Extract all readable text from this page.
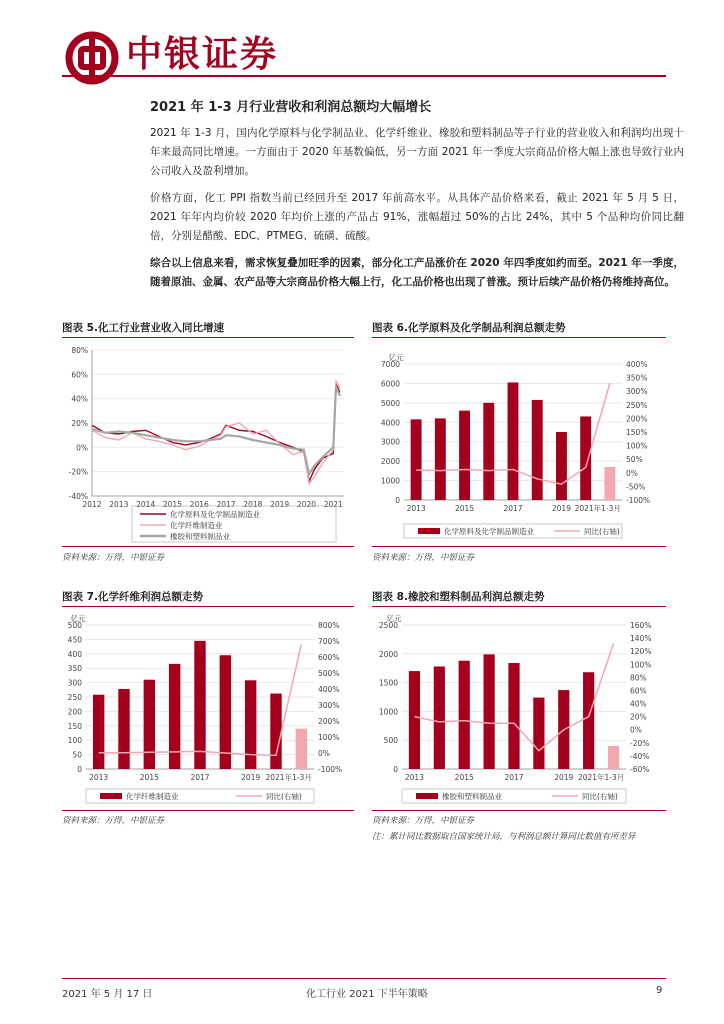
中银证券
2021 年 1-3 月行业营收和利润总额均大幅增长
2021 年 1-3 月，国内化学原料与化学制品业、化学纤维业、橡胶和塑料制品等子行业的营业收入和利润均出现十年来最高同比增速。一方面由于 2020 年基数偏低，另一方面 2021 年一季度大宗商品价格大幅上涨也导致行业内公司收入及盈利增加。
价格方面，化工 PPI 指数当前已经回升至 2017 年前高水平。从具体产品价格来看，截止 2021 年 5 月 5 日，2021 年年内均价较 2020 年均价上涨的产品占 91%，涨幅超过 50%的占比 24%，其中 5 个品种均价同比翻倍，分别是醋酸、EDC、PTMEG、硫磺、硫酸。
综合以上信息来看，需求恢复叠加旺季的因素，部分化工产品涨价在 2020 年四季度如约而至。2021 年一季度，随着原油、金属、农产品等大宗商品价格大幅上行，化工品价格也出现了普涨。预计后续产品价格仍将维持高位。
图表 5.化工行业营业收入同比增速
80%
60%
40%
20%
0%
-20%
-40%
2012 2013 2014 2015 2016 2017 2018 2019 2020 2021
化学原料及化学制品制造业
化学纤维制造业
橡胶和塑料制品业
资料来源：万得，中银证券
图表 6.化学原料及化学制品利润总额走势
亿元
7000
6000
5000
4000
3000
2000
1000
0
400%
350%
300%
250%
200%
150%
100%
50%
0%
-50%
-100%
2013	2015	2017	2019 2021年1-3月
化学原料及化学制品制造业	同比(右轴)
资料来源：万得，中银证券
图表 7.化学纤维利润总额走势
亿元
500
450
400
350
300
250
200
150
100
50
0
800%
700%
600%
500%
400%
300%
200%
100%
0%
-100%
2013	2015	2017	2019 2021年1-3月
化学纤维制造业	同比(右轴)
资料来源：万得，中银证券
图表 8.橡胶和塑料制品利润总额走势
亿元
2500
2000
1500
1000
500
0
160%
140%
120%
100%
80%
60%
40%
20%
0%
-20%
-40%
-60%
2013	2015	2017	2019 2021年1-3月
橡胶和塑料制品业	同比(右轴)
资料来源：万得，中银证券
注：累计同比数据取自国家统计局，与利润总额计算同比数值有所差异
2021 年 5 月 17 日	化工行业 2021 下半年策略	9
